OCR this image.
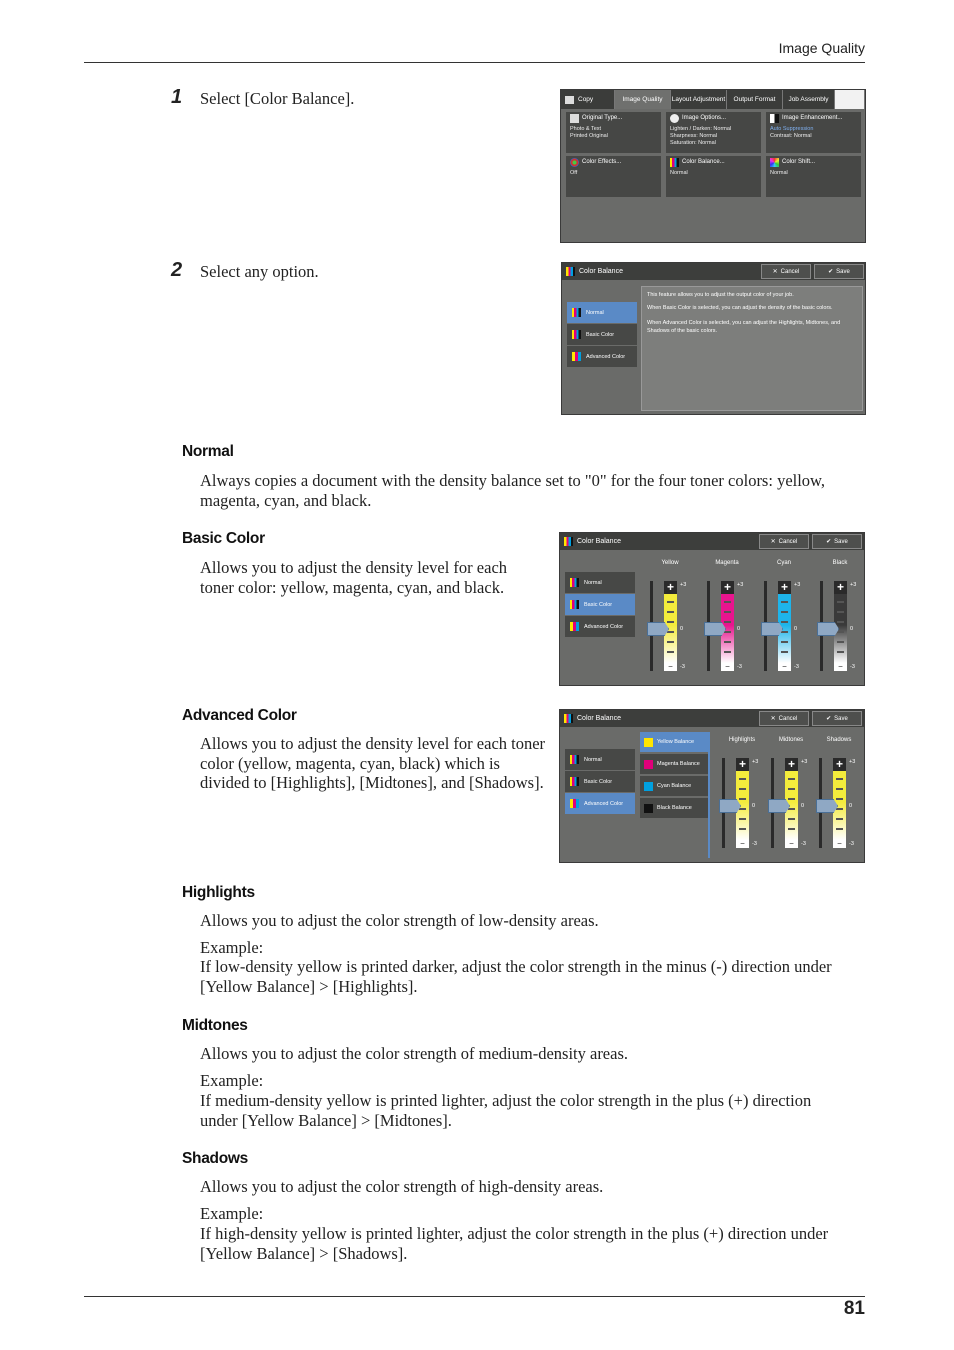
Image Quality
1 Select [Color Balance].	Copy	Image Quality	Layout Adjustment	Output Format	Job Assembly
Original Type...
Photo & Text
Printed Original
Image Options...
Lighten / Darken: Normal
Sharpness: Normal
Saturation: Normal
Image Enhancement...
Auto Suppression
Contrast: Normal
Color Effects...
Off
Color Balance...
Normal
Color Shift...
Normal
2 Select any option.	Color Balance	✕ Cancel	✔ Save
Normal
Basic Color
Advanced Color
This feature allows you to adjust the output color of your job.
When Basic Color is selected, you can adjust the density of the basic colors.
When Advanced Color is selected, you can adjust the Highlights, Midtones, and Shadows of the basic colors.
Normal
Always copies a document with the density balance set to "0" for the four toner colors: yellow, magenta, cyan, and black.
Basic Color
Allows you to adjust the density level for each toner color: yellow, magenta, cyan, and black.
Color Balance	✕ Cancel	✔ Save
Normal
Basic Color
Advanced Color
Yellow
+
−
+3
0
-3
Magenta
+
−
+3
0
-3
Cyan
+
−
+3
0
-3
Black
+
−
+3
0
-3
Advanced Color
Allows you to adjust the density level for each toner color (yellow, magenta, cyan, black) which is divided to [Highlights], [Midtones], and [Shadows].
Color Balance	✕ Cancel	✔ Save
Normal
Basic Color
Advanced Color
Yellow Balance
Magenta Balance
Cyan Balance
Black Balance
Highlights
+
−
+3
0
-3
Midtones
+
−
+3
0
-3
Shadows
+
−
+3
0
-3
Highlights
Allows you to adjust the color strength of low-density areas.
Example:
If low-density yellow is printed darker, adjust the color strength in the minus (-) direction under [Yellow Balance] > [Highlights].
Midtones
Allows you to adjust the color strength of medium-density areas.
Example:
If medium-density yellow is printed lighter, adjust the color strength in the plus (+) direction under [Yellow Balance] > [Midtones].
Shadows
Allows you to adjust the color strength of high-density areas.
Example:
If high-density yellow is printed lighter, adjust the color strength in the plus (+) direction under [Yellow Balance] > [Shadows].
81
